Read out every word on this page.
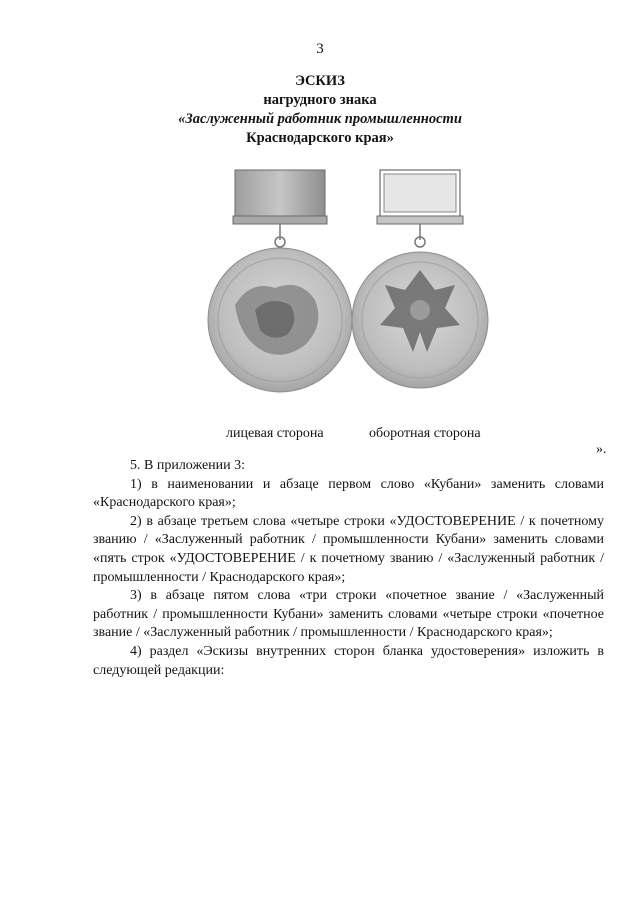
3
ЭСКИЗ
нагрудного знака
«Заслуженный работник промышленности
Краснодарского края»
лицевая сторона	оборотная сторона
».

5. В приложении 3:

1) в наименовании и абзаце первом слово «Кубани» заменить словами «Краснодарского края»;

2) в абзаце третьем слова «четыре строки «УДОСТОВЕРЕНИЕ / к почетному званию / «Заслуженный работник / промышленности Кубани» заменить словами «пять строк «УДОСТОВЕРЕНИЕ / к почетному званию / «Заслуженный работник / промышленности / Краснодарского края»;

3) в абзаце пятом слова «три строки «почетное звание / «Заслуженный работник / промышленности Кубани» заменить словами «четыре строки «почетное звание / «Заслуженный работник / промышленности / Краснодарского края»;

4) раздел «Эскизы внутренних сторон бланка удостоверения» изложить в следующей редакции:
